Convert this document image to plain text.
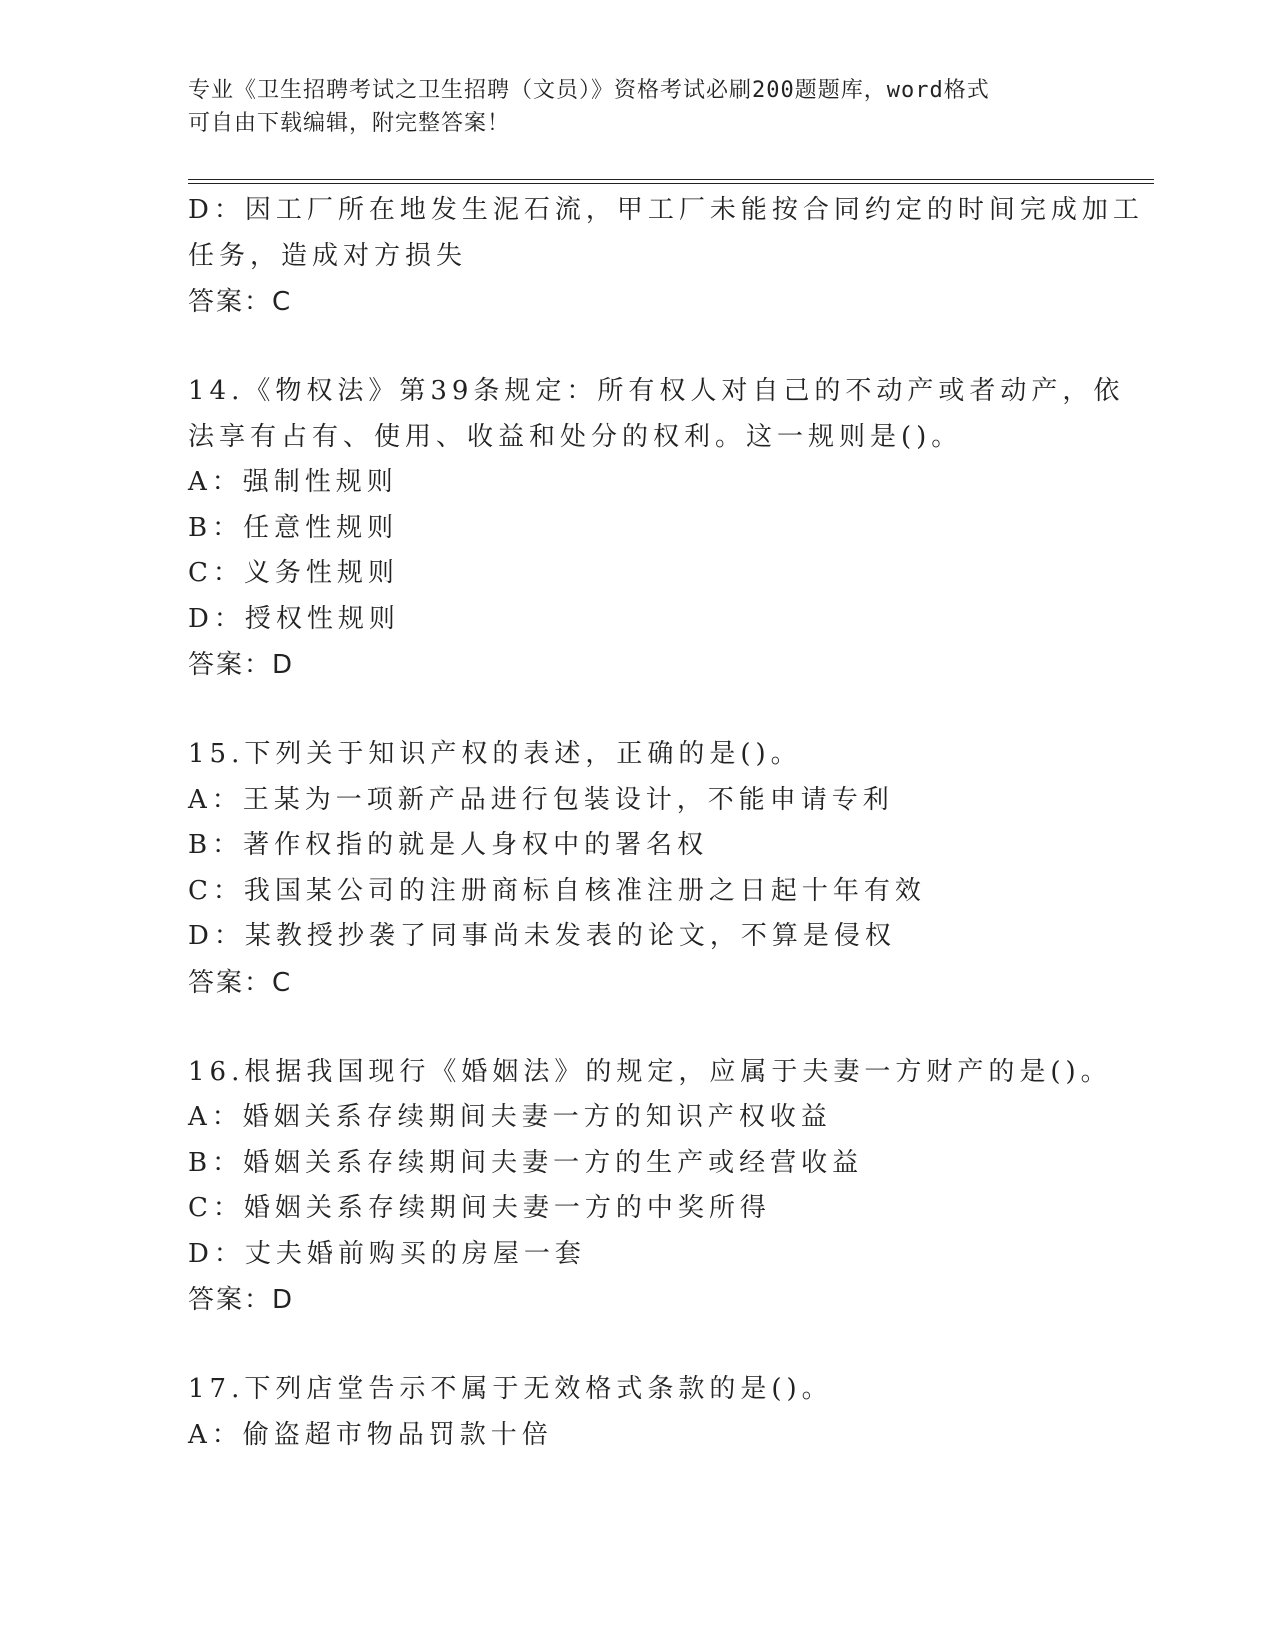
专业《卫生招聘考试之卫生招聘（文员）》资格考试必刷200题题库，word格式
可自由下载编辑，附完整答案！
D：因工厂所在地发生泥石流，甲工厂未能按合同约定的时间完成加工
任务，造成对方损失
答案：C
14.《物权法》第39条规定：所有权人对自己的不动产或者动产，依
法享有占有、使用、收益和处分的权利。这一规则是()。
A：强制性规则
B：任意性规则
C：义务性规则
D：授权性规则
答案：D
15.下列关于知识产权的表述，正确的是()。
A：王某为一项新产品进行包装设计，不能申请专利
B：著作权指的就是人身权中的署名权
C：我国某公司的注册商标自核准注册之日起十年有效
D：某教授抄袭了同事尚未发表的论文，不算是侵权
答案：C
16.根据我国现行《婚姻法》的规定，应属于夫妻一方财产的是()。
A：婚姻关系存续期间夫妻一方的知识产权收益
B：婚姻关系存续期间夫妻一方的生产或经营收益
C：婚姻关系存续期间夫妻一方的中奖所得
D：丈夫婚前购买的房屋一套
答案：D
17.下列店堂告示不属于无效格式条款的是()。
A：偷盗超市物品罚款十倍
